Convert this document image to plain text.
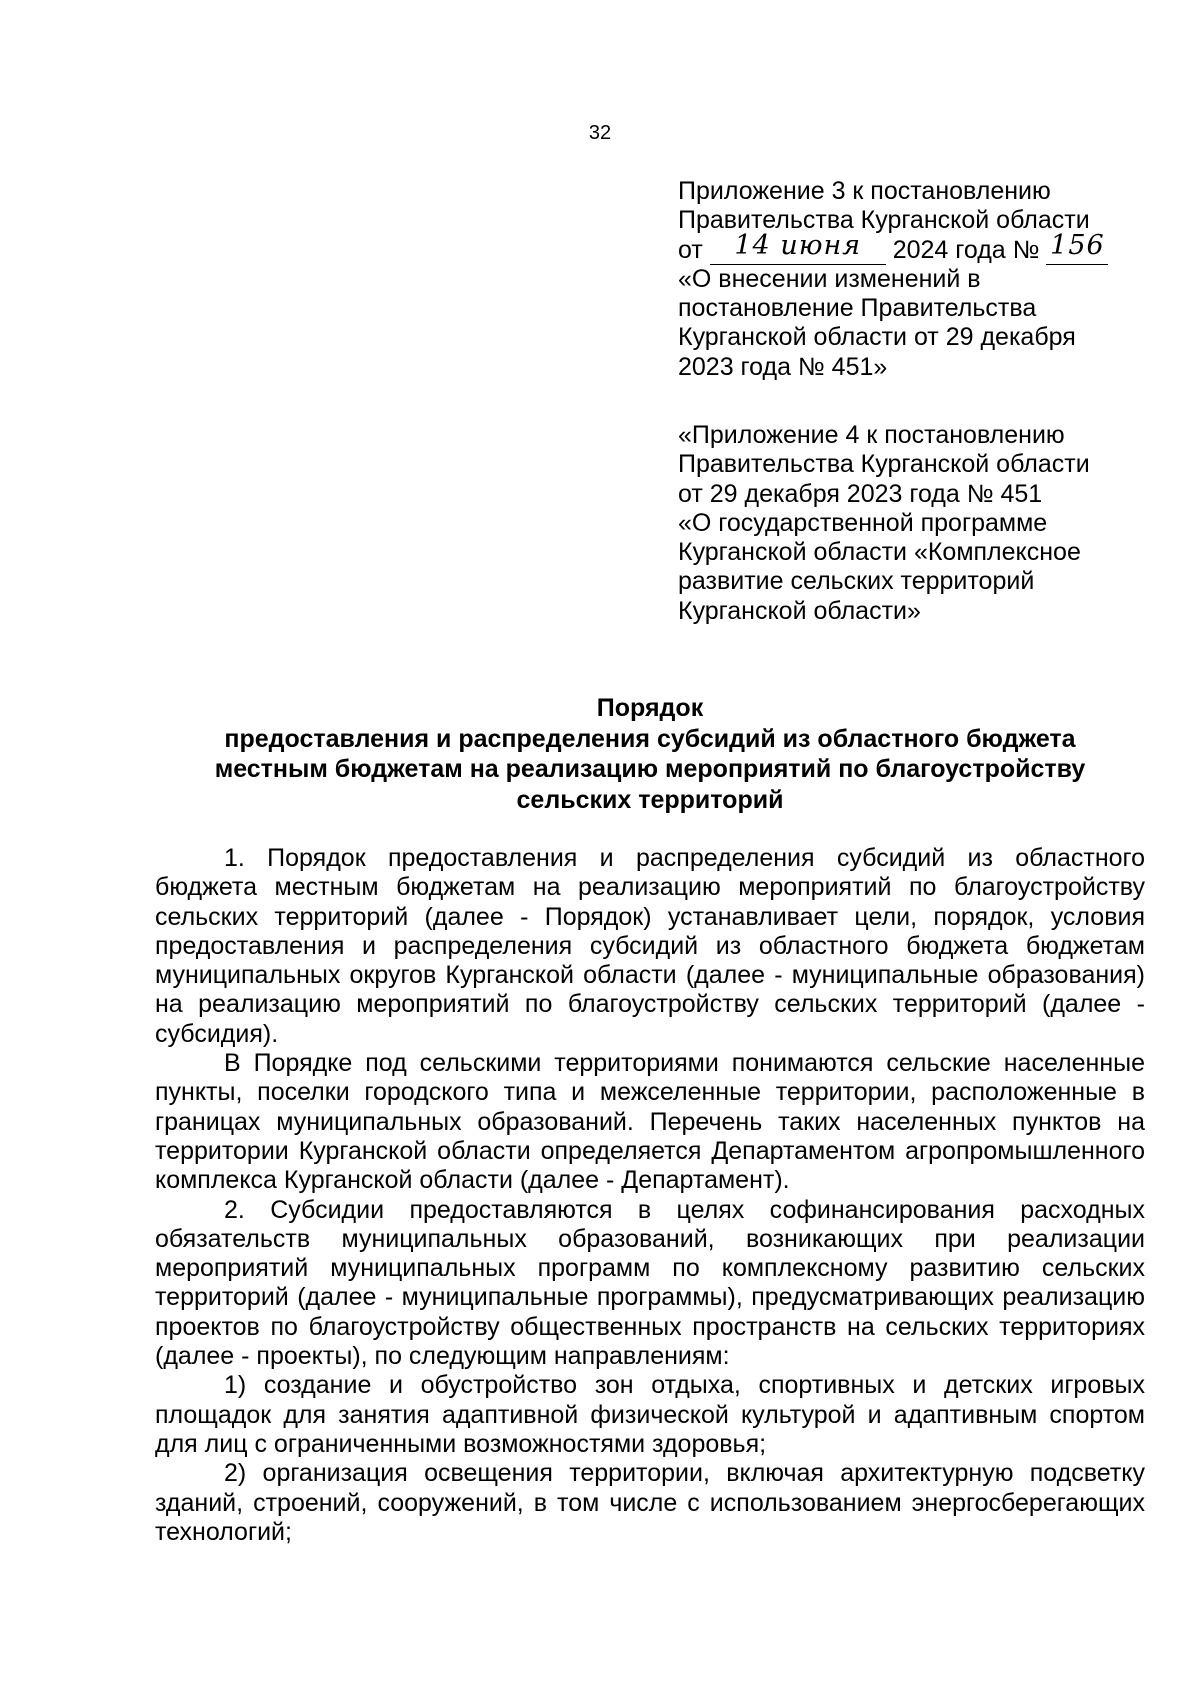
32

Приложение 3 к постановлению

Правительства Курганской области

от 14 июня 2024 года № 156

«О внесении изменений в

постановление Правительства

Курганской области от 29 декабря

2023 года № 451»

«Приложение 4 к постановлению

Правительства Курганской области

от 29 декабря 2023 года № 451

«О государственной программе

Курганской области «Комплексное

развитие сельских территорий

Курганской области»

Порядок
предоставления и распределения субсидий из областного бюджета
местным бюджетам на реализацию мероприятий по благоустройству
сельских территорий

1. Порядок предоставления и распределения субсидий из областного бюджета местным бюджетам на реализацию мероприятий по благоустройству сельских территорий (далее - Порядок) устанавливает цели, порядок, условия предоставления и распределения субсидий из областного бюджета бюджетам муниципальных округов Курганской области (далее - муниципальные образования) на реализацию мероприятий по благоустройству сельских территорий (далее - субсидия).

В Порядке под сельскими территориями понимаются сельские населенные пункты, поселки городского типа и межселенные территории, расположенные в границах муниципальных образований. Перечень таких населенных пунктов на территории Курганской области определяется Департаментом агропромышленного комплекса Курганской области (далее - Департамент).

2. Субсидии предоставляются в целях софинансирования расходных обязательств муниципальных образований, возникающих при реализации мероприятий муниципальных программ по комплексному развитию сельских территорий (далее - муниципальные программы), предусматривающих реализацию проектов по благоустройству общественных пространств на сельских территориях (далее - проекты), по следующим направлениям:

1) создание и обустройство зон отдыха, спортивных и детских игровых площадок для занятия адаптивной физической культурой и адаптивным спортом для лиц с ограниченными возможностями здоровья;

2) организация освещения территории, включая архитектурную подсветку зданий, строений, сооружений, в том числе с использованием энергосберегающих технологий;
